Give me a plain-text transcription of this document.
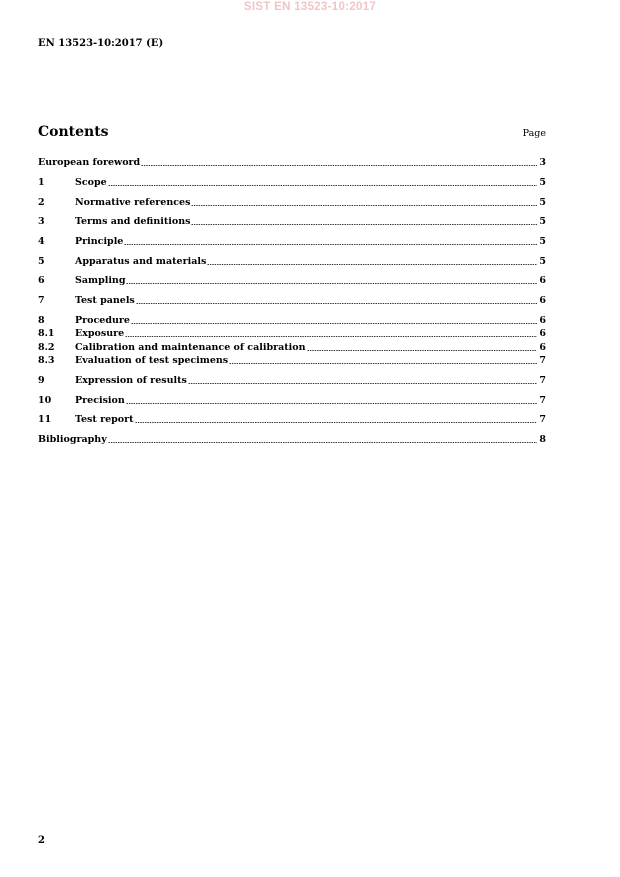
SIST EN 13523-10:2017
EN 13523-10:2017 (E)
Contents	Page
European foreword	3
1	Scope	5
2	Normative references	5
3	Terms and definitions	5
4	Principle	5
5	Apparatus and materials	5
6	Sampling	6
7	Test panels	6
8	Procedure	6
8.1	Exposure	6
8.2	Calibration and maintenance of calibration	6
8.3	Evaluation of test specimens	7
9	Expression of results	7
10	Precision	7
11	Test report	7
Bibliography	8
2
